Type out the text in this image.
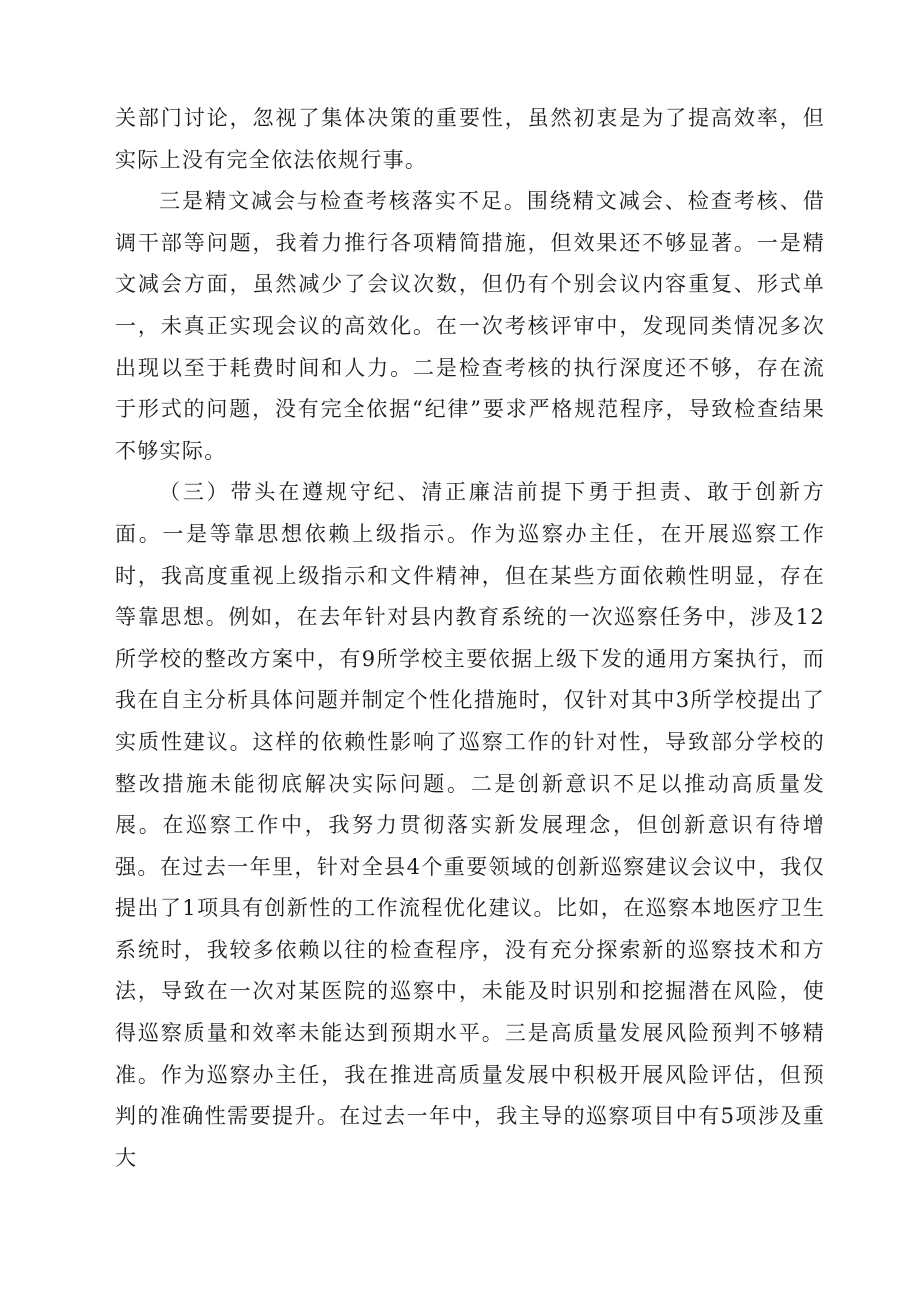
关部门讨论，忽视了集体决策的重要性，虽然初衷是为了提高效率，但实际上没有完全依法依规行事。

三是精文减会与检查考核落实不足。围绕精文减会、检查考核、借调干部等问题，我着力推行各项精简措施，但效果还不够显著。一是精文减会方面，虽然减少了会议次数，但仍有个别会议内容重复、形式单一，未真正实现会议的高效化。在一次考核评审中，发现同类情况多次出现以至于耗费时间和人力。二是检查考核的执行深度还不够，存在流于形式的问题，没有完全依据“纪律”要求严格规范程序，导致检查结果不够实际。

（三）带头在遵规守纪、清正廉洁前提下勇于担责、敢于创新方面。一是等靠思想依赖上级指示。作为巡察办主任，在开展巡察工作时，我高度重视上级指示和文件精神，但在某些方面依赖性明显，存在等靠思想。例如，在去年针对县内教育系统的一次巡察任务中，涉及12所学校的整改方案中，有9所学校主要依据上级下发的通用方案执行，而我在自主分析具体问题并制定个性化措施时，仅针对其中3所学校提出了实质性建议。这样的依赖性影响了巡察工作的针对性，导致部分学校的整改措施未能彻底解决实际问题。二是创新意识不足以推动高质量发展。在巡察工作中，我努力贯彻落实新发展理念，但创新意识有待增强。在过去一年里，针对全县4个重要领域的创新巡察建议会议中，我仅提出了1项具有创新性的工作流程优化建议。比如，在巡察本地医疗卫生系统时，我较多依赖以往的检查程序，没有充分探索新的巡察技术和方法，导致在一次对某医院的巡察中，未能及时识别和挖掘潜在风险，使得巡察质量和效率未能达到预期水平。三是高质量发展风险预判不够精准。作为巡察办主任，我在推进高质量发展中积极开展风险评估，但预判的准确性需要提升。在过去一年中，我主导的巡察项目中有5项涉及重大
